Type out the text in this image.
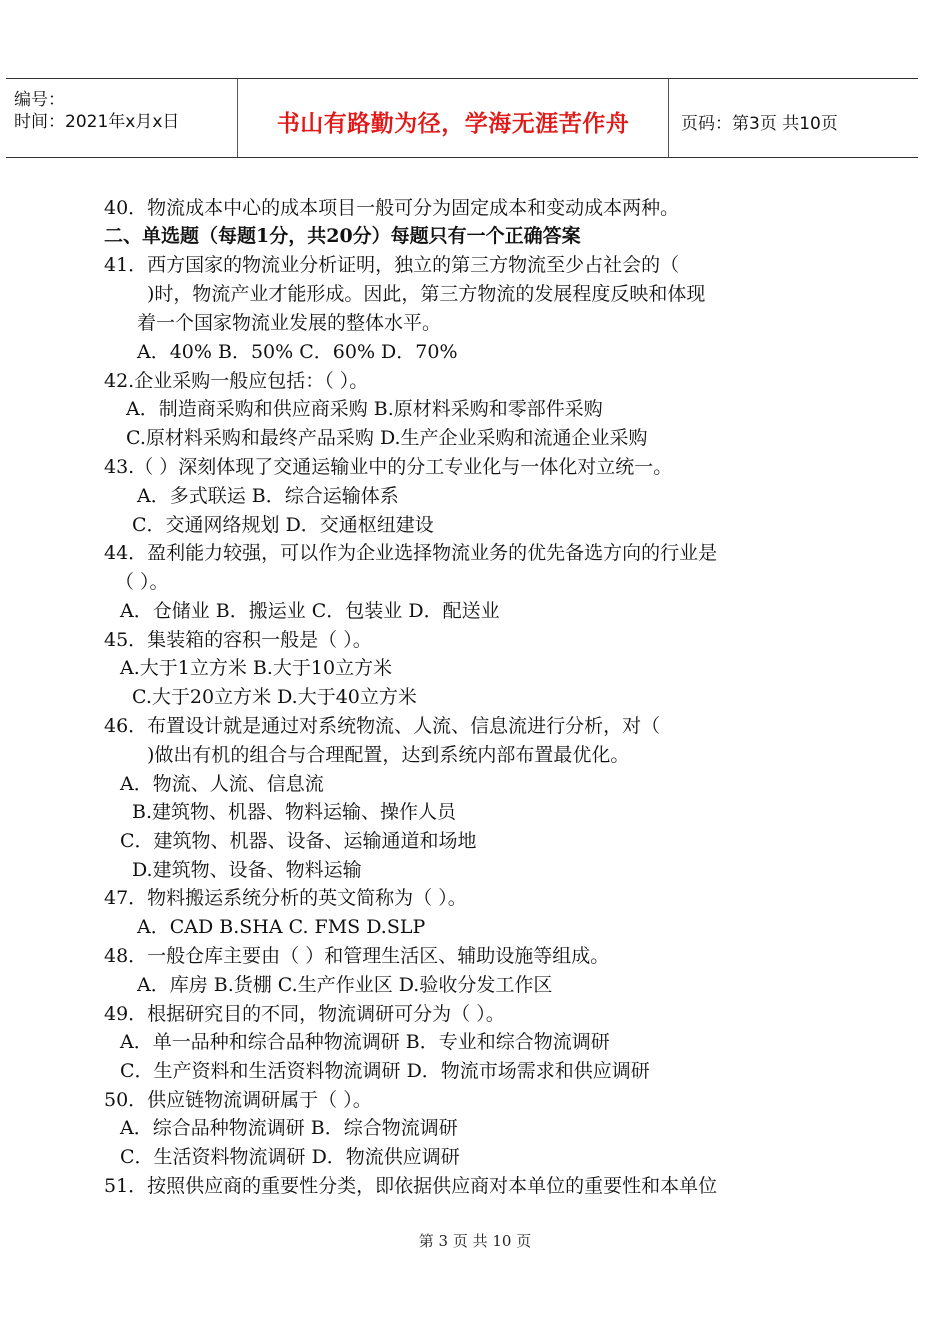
编号：
时间：2021年x月x日	书山有路勤为径，学海无涯苦作舟	页码：第3页 共10页
40．物流成本中心的成本项目一般可分为固定成本和变动成本两种。
二、单选题（每题1分，共20分）每题只有一个正确答案
41．西方国家的物流业分析证明，独立的第三方物流至少占社会的（
)时，物流产业才能形成。因此，第三方物流的发展程度反映和体现
着一个国家物流业发展的整体水平。
A．40% B．50% C．60% D．70%
42.企业采购一般应包括：（ ）。
A．制造商采购和供应商采购 B.原材料采购和零部件采购
C.原材料采购和最终产品采购 D.生产企业采购和流通企业采购
43.（ ）深刻体现了交通运输业中的分工专业化与一体化对立统一。
A．多式联运 B．综合运输体系
C．交通网络规划 D．交通枢纽建设
44．盈利能力较强，可以作为企业选择物流业务的优先备选方向的行业是
（ ）。
A．仓储业 B．搬运业 C．包装业 D．配送业
45．集装箱的容积一般是（ ）。
A.大于1立方米 B.大于10立方米
C.大于20立方米 D.大于40立方米
46．布置设计就是通过对系统物流、人流、信息流进行分析，对（
)做出有机的组合与合理配置，达到系统内部布置最优化。
A．物流、人流、信息流
B.建筑物、机器、物料运输、操作人员
C．建筑物、机器、设备、运输通道和场地
D.建筑物、设备、物料运输
47．物料搬运系统分析的英文简称为（ ）。
A．CAD B.SHA C. FMS D.SLP
48．一般仓库主要由（ ）和管理生活区、辅助设施等组成。
A．库房 B.货棚 C.生产作业区 D.验收分发工作区
49．根据研究目的不同，物流调研可分为（ ）。
A．单一品种和综合品种物流调研 B．专业和综合物流调研
C．生产资料和生活资料物流调研 D．物流市场需求和供应调研
50．供应链物流调研属于（ ）。
A．综合品种物流调研 B．综合物流调研
C．生活资料物流调研 D．物流供应调研
51．按照供应商的重要性分类，即依据供应商对本单位的重要性和本单位
第 3 页 共 10 页
